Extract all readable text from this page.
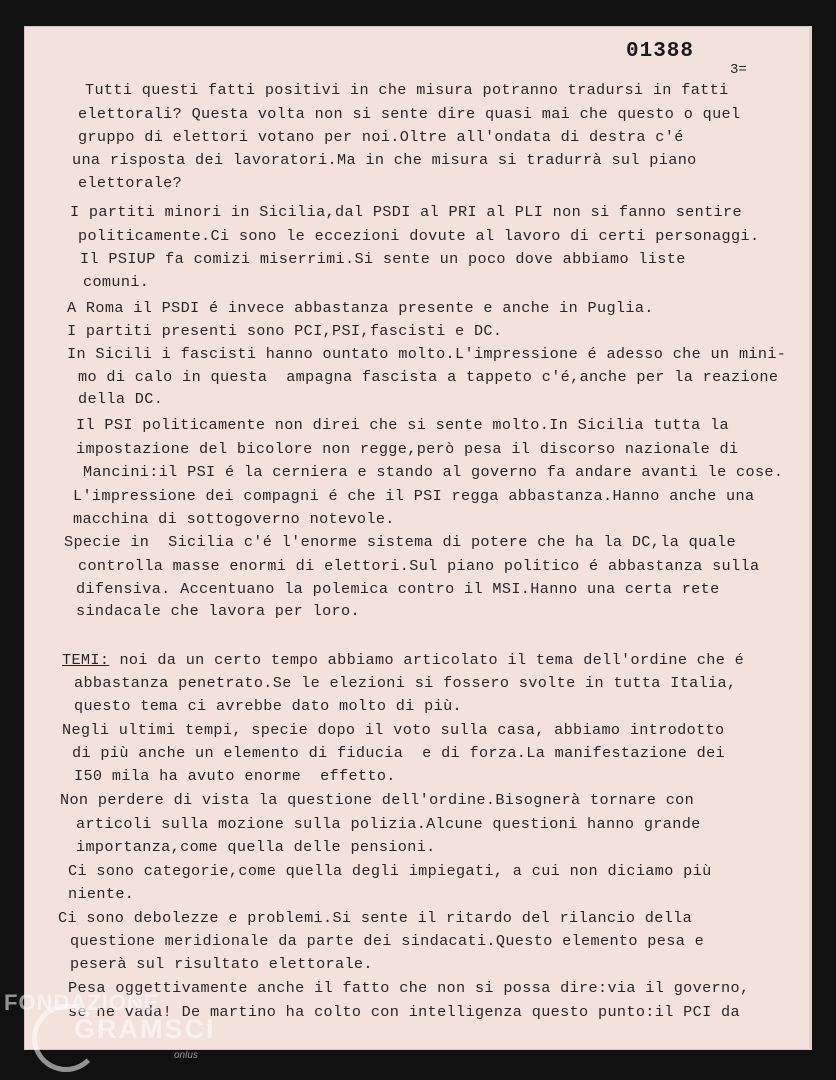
01388
3=
Tutti questi fatti positivi in che misura potranno tradursi in fatti
elettorali? Questa volta non si sente dire quasi mai che questo o quel
gruppo di elettori votano per noi.Oltre all'ondata di destra c'é
una risposta dei lavoratori.Ma in che misura si tradurrà sul piano
elettorale?
I partiti minori in Sicilia,dal PSDI al PRI al PLI non si fanno sentire
politicamente.Ci sono le eccezioni dovute al lavoro di certi personaggi.
Il PSIUP fa comizi miserrimi.Si sente un poco dove abbiamo liste
comuni.
A Roma il PSDI é invece abbastanza presente e anche in Puglia.
I partiti presenti sono PCI,PSI,fascisti e DC.
In Sicili i fascisti hanno ountato molto.L'impressione é adesso che un mini-
mo di calo in questa  ampagna fascista a tappeto c'é,anche per la reazione
della DC.
Il PSI politicamente non direi che si sente molto.In Sicilia tutta la
impostazione del bicolore non regge,però pesa il discorso nazionale di
Mancini:il PSI é la cerniera e stando al governo fa andare avanti le cose.
L'impressione dei compagni é che il PSI regga abbastanza.Hanno anche una
macchina di sottogoverno notevole.
Specie in  Sicilia c'é l'enorme sistema di potere che ha la DC,la quale
controlla masse enormi di elettori.Sul piano politico é abbastanza sulla
difensiva. Accentuano la polemica contro il MSI.Hanno una certa rete
sindacale che lavora per loro.
TEMI: noi da un certo tempo abbiamo articolato il tema dell'ordine che é
abbastanza penetrato.Se le elezioni si fossero svolte in tutta Italia,
questo tema ci avrebbe dato molto di più.
Negli ultimi tempi, specie dopo il voto sulla casa, abbiamo introdotto
di più anche un elemento di fiducia  e di forza.La manifestazione dei
I50 mila ha avuto enorme  effetto.
Non perdere di vista la questione dell'ordine.Bisognerà tornare con
articoli sulla mozione sulla polizia.Alcune questioni hanno grande
importanza,come quella delle pensioni.
Ci sono categorie,come quella degli impiegati, a cui non diciamo più
niente.
Ci sono debolezze e problemi.Si sente il ritardo del rilancio della
questione meridionale da parte dei sindacati.Questo elemento pesa e
peserà sul risultato elettorale.
Pesa oggettivamente anche il fatto che non si possa dire:via il governo,
se ne vada! De martino ha colto con intelligenza questo punto:il PCI da
FONDAZIONE
GRAMSCI
onlus
